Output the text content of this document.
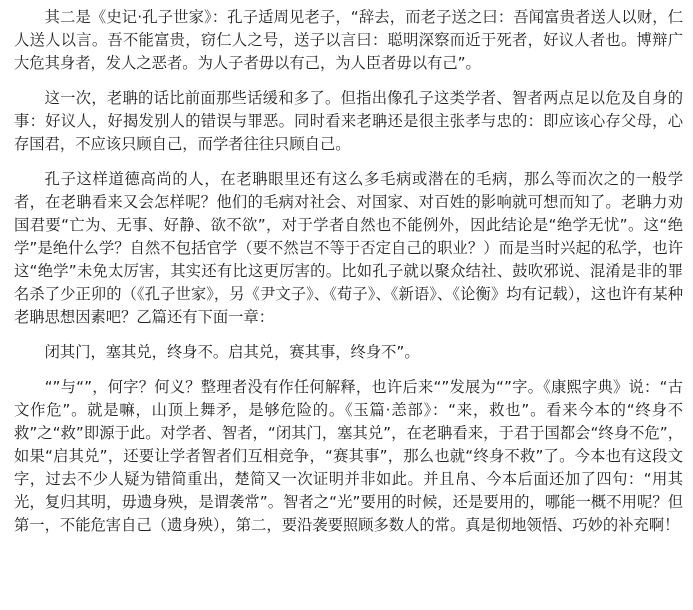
其二是《史记·孔子世家》：孔子适周见老子，“辞去，而老子送之曰：吾闻富贵者送人以财，仁人送人以言。吾不能富贵，窃仁人之号，送子以言曰：聪明深察而近于死者，好议人者也。博辩广大危其身者，发人之恶者。为人子者毋以有己，为人臣者毋以有己”。

这一次，老聃的话比前面那些话缓和多了。但指出像孔子这类学者、智者两点足以危及自身的事：好议人，好揭发别人的错误与罪恶。同时看来老聃还是很主张孝与忠的：即应该心存父母，心存国君，不应该只顾自己，而学者往往只顾自己。

孔子这样道德高尚的人，在老聃眼里还有这么多毛病或潜在的毛病，那么等而次之的一般学者，在老聃看来又会怎样呢？他们的毛病对社会、对国家、对百姓的影响就可想而知了。老聃力劝国君要“亡为、无事、好静、欲不欲”，对于学者自然也不能例外，因此结论是“绝学无忧”。这“绝学”是绝什么学？自然不包括官学（要不然岂不等于否定自己的职业？）而是当时兴起的私学，也许这“绝学”未免太厉害，其实还有比这更厉害的。比如孔子就以聚众结社、鼓吹邪说、混淆是非的罪名杀了少正卯的（《孔子世家》，另《尹文子》、《荀子》、《新语》、《论衡》均有记载），这也许有某种老聃思想因素吧？乙篇还有下面一章：

闭其门，塞其兑，终身不。启其兑，赛其事，终身不”。

“”与“”，何字？何义？整理者没有作任何解释，也许后来“”发展为“”字。《康熙字典》说：“古文作危”。就是嘛，山顶上舞矛，是够危险的。《玉篇·恙部》：“来，救也”。看来今本的“终身不救”之“救”即源于此。对学者、智者，“闭其门，塞其兑”，在老聃看来，于君于国都会“终身不危”，如果“启其兑”，还要让学者智者们互相竞争，“赛其事”，那么也就“终身不救”了。今本也有这段文字，过去不少人疑为错简重出，楚简又一次证明并非如此。并且帛、今本后面还加了四句：“用其光，复归其明，毋遗身殃，是谓袭常”。智者之“光”要用的时候，还是要用的，哪能一概不用呢？但第一，不能危害自己（遗身殃），第二，要沿袭要照顾多数人的常。真是彻地领悟、巧妙的补充啊！
